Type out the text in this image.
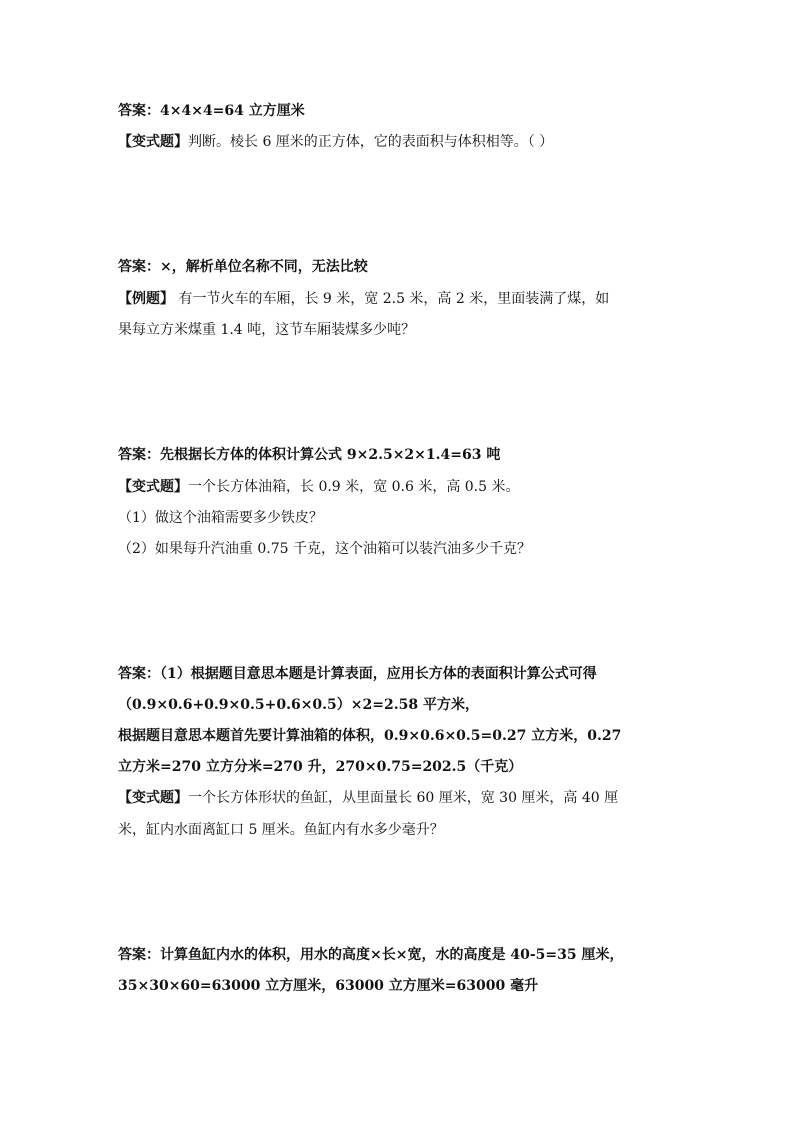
答案：4×4×4=64 立方厘米
【变式题】判断。棱长 6 厘米的正方体，它的表面积与体积相等。（ ）
答案：×，解析单位名称不同，无法比较
【例题】 有一节火车的车厢，长 9 米，宽 2.5 米，高 2 米，里面装满了煤，如
果每立方米煤重 1.4 吨，这节车厢装煤多少吨？
答案：先根据长方体的体积计算公式 9×2.5×2×1.4=63 吨
【变式题】一个长方体油箱，长 0.9 米，宽 0.6 米，高 0.5 米。
（1）做这个油箱需要多少铁皮？
（2）如果每升汽油重 0.75 千克，这个油箱可以装汽油多少千克？
答案：（1）根据题目意思本题是计算表面，应用长方体的表面积计算公式可得
（0.9×0.6+0.9×0.5+0.6×0.5）×2=2.58 平方米，
根据题目意思本题首先要计算油箱的体积，0.9×0.6×0.5=0.27 立方米，0.27
立方米=270 立方分米=270 升，270×0.75=202.5（千克）
【变式题】一个长方体形状的鱼缸，从里面量长 60 厘米，宽 30 厘米，高 40 厘
米，缸内水面离缸口 5 厘米。鱼缸内有水多少毫升？
答案：计算鱼缸内水的体积，用水的高度×长×宽，水的高度是 40-5=35 厘米，
35×30×60=63000 立方厘米，63000 立方厘米=63000 毫升
